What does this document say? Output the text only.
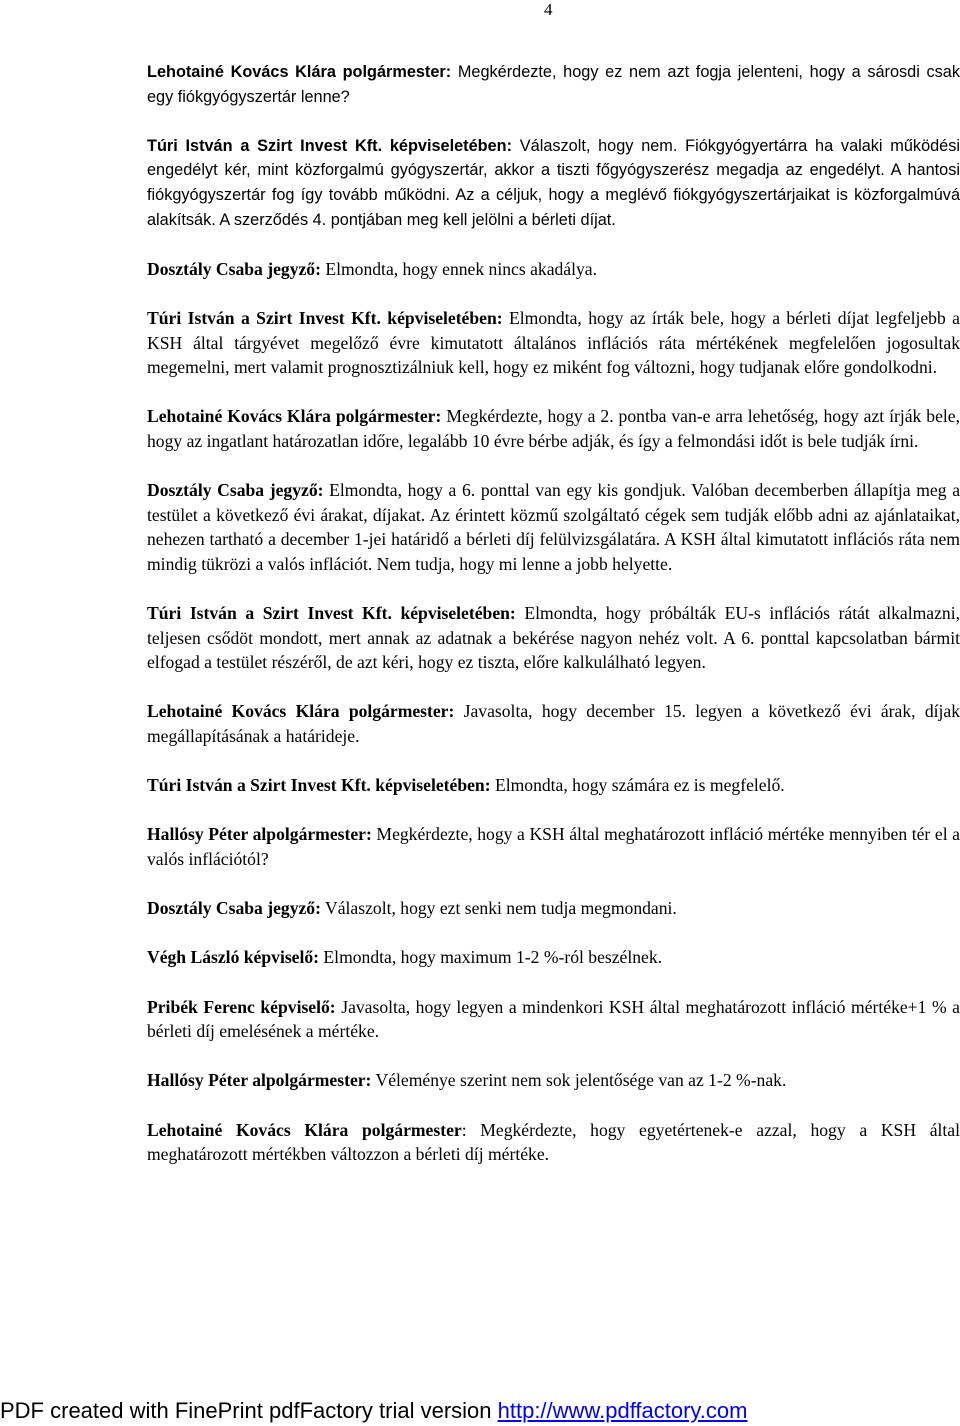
4

Lehotainé Kovács Klára polgármester: Megkérdezte, hogy ez nem azt fogja jelenteni, hogy a sárosdi csak egy fiókgyógyszertár lenne?

Túri István a Szirt Invest Kft. képviseletében: Válaszolt, hogy nem. Fiókgyógyertárra ha valaki működési engedélyt kér, mint közforgalmú gyógyszertár, akkor a tiszti főgyógyszerész megadja az engedélyt. A hantosi fiókgyógyszertár fog így tovább működni. Az a céljuk, hogy a meglévő fiókgyógyszertárjaikat is közforgalmúvá alakítsák. A szerződés 4. pontjában meg kell jelölni a bérleti díjat.

Dosztály Csaba jegyző: Elmondta, hogy ennek nincs akadálya.

Túri István a Szirt Invest Kft. képviseletében: Elmondta, hogy az írták bele, hogy a bérleti díjat legfeljebb a KSH által tárgyévet megelőző évre kimutatott általános inflációs ráta mértékének megfelelően jogosultak megemelni, mert valamit prognosztizálniuk kell, hogy ez miként fog változni, hogy tudjanak előre gondolkodni.

Lehotainé Kovács Klára polgármester: Megkérdezte, hogy a 2. pontba van-e arra lehetőség, hogy azt írják bele, hogy az ingatlant határozatlan időre, legalább 10 évre bérbe adják, és így a felmondási időt is bele tudják írni.

Dosztály Csaba jegyző: Elmondta, hogy a 6. ponttal van egy kis gondjuk. Valóban decemberben állapítja meg a testület a következő évi árakat, díjakat. Az érintett közmű szolgáltató cégek sem tudják előbb adni az ajánlataikat, nehezen tartható a december 1-jei határidő a bérleti díj felülvizsgálatára. A KSH által kimutatott inflációs ráta nem mindig tükrözi a valós inflációt. Nem tudja, hogy mi lenne a jobb helyette.

Túri István a Szirt Invest Kft. képviseletében: Elmondta, hogy próbálták EU-s inflációs rátát alkalmazni, teljesen csődöt mondott, mert annak az adatnak a bekérése nagyon nehéz volt. A 6. ponttal kapcsolatban bármit elfogad a testület részéről, de azt kéri, hogy ez tiszta, előre kalkulálható legyen.

Lehotainé Kovács Klára polgármester: Javasolta, hogy december 15. legyen a következő évi árak, díjak megállapításának a határideje.

Túri István a Szirt Invest Kft. képviseletében: Elmondta, hogy számára ez is megfelelő.

Hallósy Péter alpolgármester: Megkérdezte, hogy a KSH által meghatározott infláció mértéke mennyiben tér el a valós inflációtól?

Dosztály Csaba jegyző: Válaszolt, hogy ezt senki nem tudja megmondani.

Végh László képviselő: Elmondta, hogy maximum 1-2 %-ról beszélnek.

Pribék Ferenc képviselő: Javasolta, hogy legyen a mindenkori KSH által meghatározott infláció mértéke+1 % a bérleti díj emelésének a mértéke.

Hallósy Péter alpolgármester: Véleménye szerint nem sok jelentősége van az 1-2 %-nak.

Lehotainé Kovács Klára polgármester: Megkérdezte, hogy egyetértenek-e azzal, hogy a KSH által meghatározott mértékben változzon a bérleti díj mértéke.

PDF created with FinePrint pdfFactory trial version http://www.pdffactory.com
